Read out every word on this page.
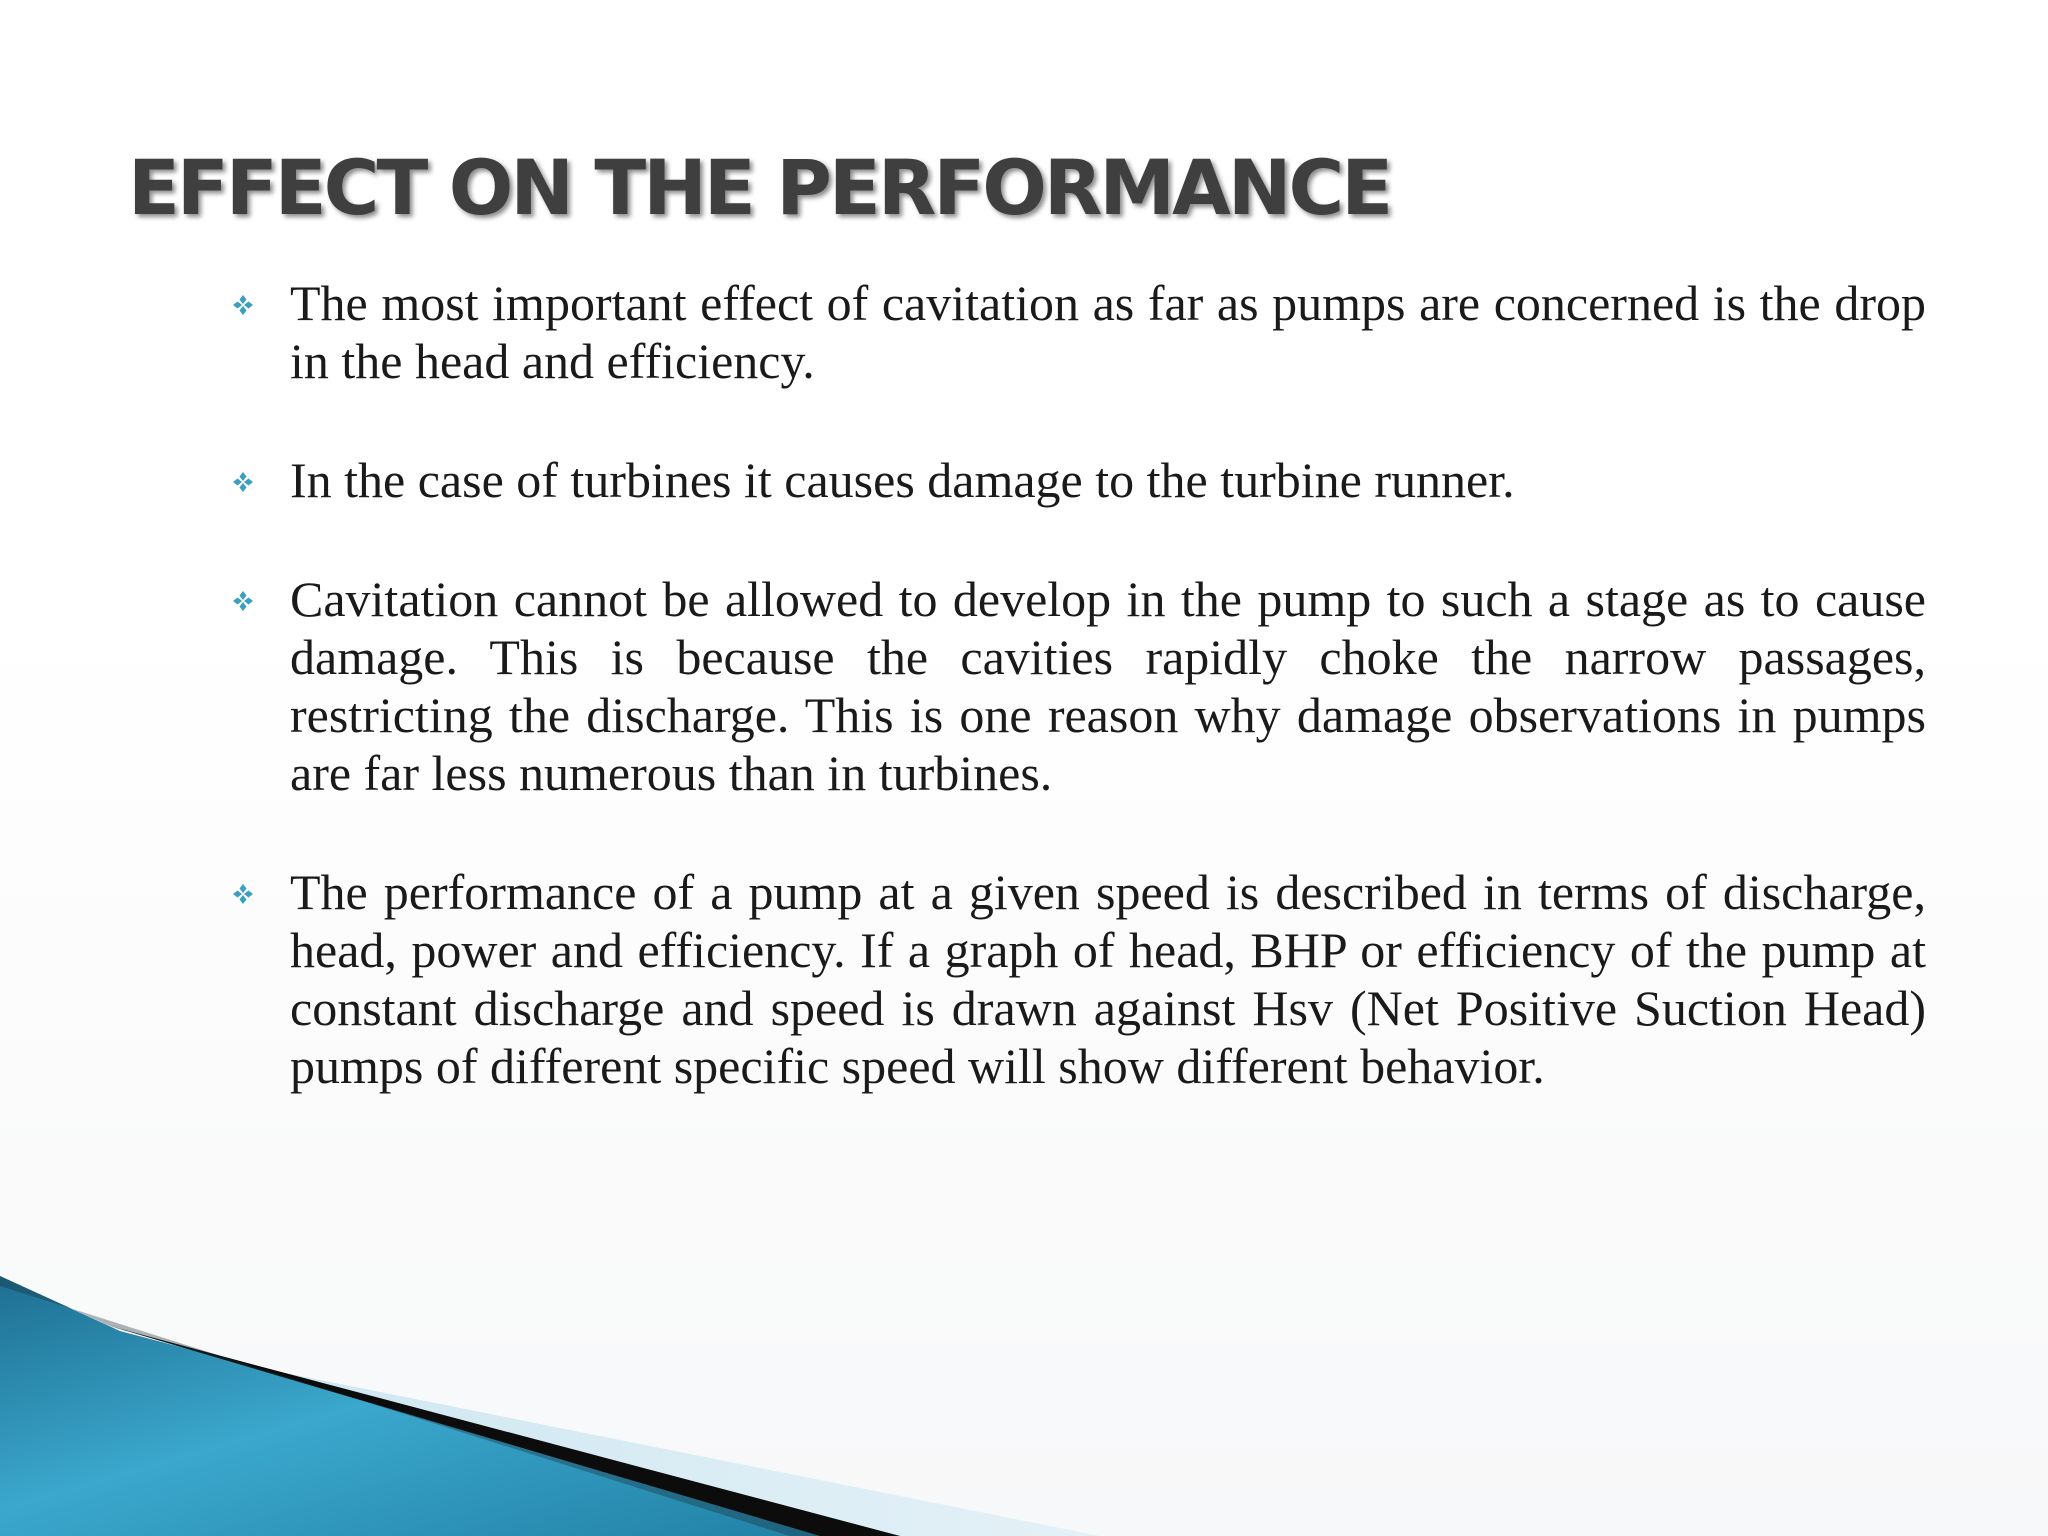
EFFECT ON THE PERFORMANCE
The most important effect of cavitation as far as pumps are concerned is the drop in the head and efficiency.
In the case of turbines it causes damage to the turbine runner.
Cavitation cannot be allowed to develop in the pump to such a stage as to cause damage. This is because the cavities rapidly choke the narrow passages, restricting the discharge. This is one reason why damage observations in pumps are far less numerous than in turbines.
The performance of a pump at a given speed is described in terms of discharge, head, power and efficiency. If a graph of head, BHP or efficiency of the pump at constant discharge and speed is drawn against Hsv (Net Positive Suction Head) pumps of different specific speed will show different behavior.
